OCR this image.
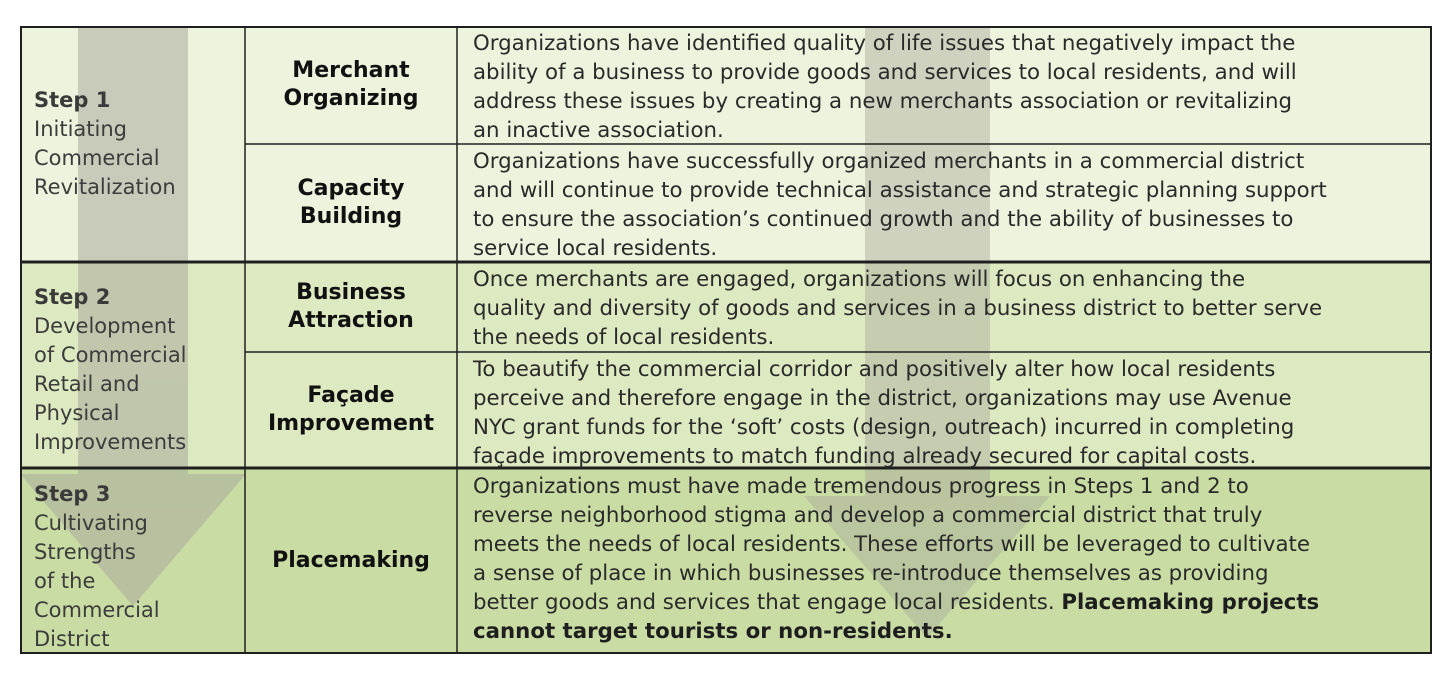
Step 1
Initiating
Commercial
Revitalization
Step 2
Development
of Commercial
Retail and
Physical
Improvements
Step 3
Cultivating
Strengths
of the
Commercial
District
Merchant
Organizing
Capacity
Building
Business
Attraction
Façade
Improvement
Placemaking
Organizations have identified quality of life issues that negatively impact the
ability of a business to provide goods and services to local residents, and will
address these issues by creating a new merchants association or revitalizing
an inactive association.
Organizations have successfully organized merchants in a commercial district
and will continue to provide technical assistance and strategic planning support
to ensure the association’s continued growth and the ability of businesses to
service local residents.
Once merchants are engaged, organizations will focus on enhancing the
quality and diversity of goods and services in a business district to better serve
the needs of local residents.
To beautify the commercial corridor and positively alter how local residents
perceive and therefore engage in the district, organizations may use Avenue
NYC grant funds for the ‘soft’ costs (design, outreach) incurred in completing
façade improvements to match funding already secured for capital costs.
Organizations must have made tremendous progress in Steps 1 and 2 to
reverse neighborhood stigma and develop a commercial district that truly
meets the needs of local residents. These efforts will be leveraged to cultivate
a sense of place in which businesses re-introduce themselves as providing
better goods and services that engage local residents. Placemaking projects
cannot target tourists or non-residents.
